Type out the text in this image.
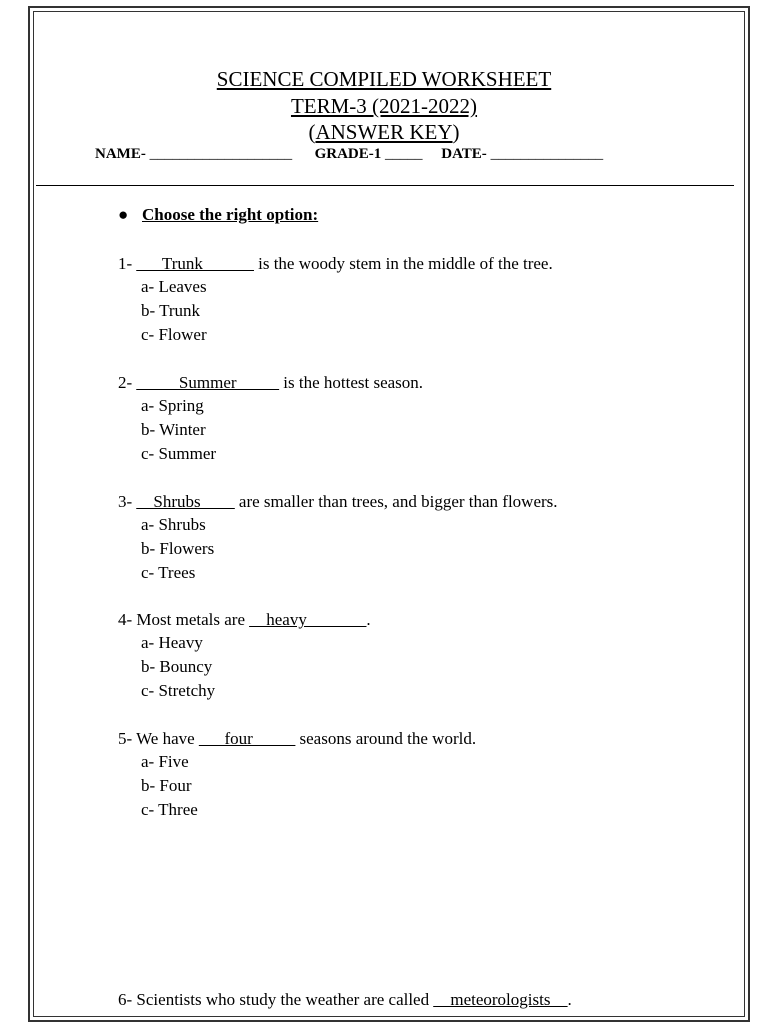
SCIENCE COMPILED WORKSHEET
TERM-3 (2021-2022)
(ANSWER KEY)
NAME- ___________________ GRADE-1 _____ DATE- _______________
● Choose the right option:
1- ___Trunk______ is the woody stem in the middle of the tree.
a- Leaves
b- Trunk
c- Flower
2- _____Summer_____ is the hottest season.
a- Spring
b- Winter
c- Summer
3- __Shrubs____ are smaller than trees, and bigger than flowers.
a- Shrubs
b- Flowers
c- Trees
4- Most metals are __heavy_______.
a- Heavy
b- Bouncy
c- Stretchy
5- We have ___four_____ seasons around the world.
a- Five
b- Four
c- Three
6- Scientists who study the weather are called __meteorologists__.
